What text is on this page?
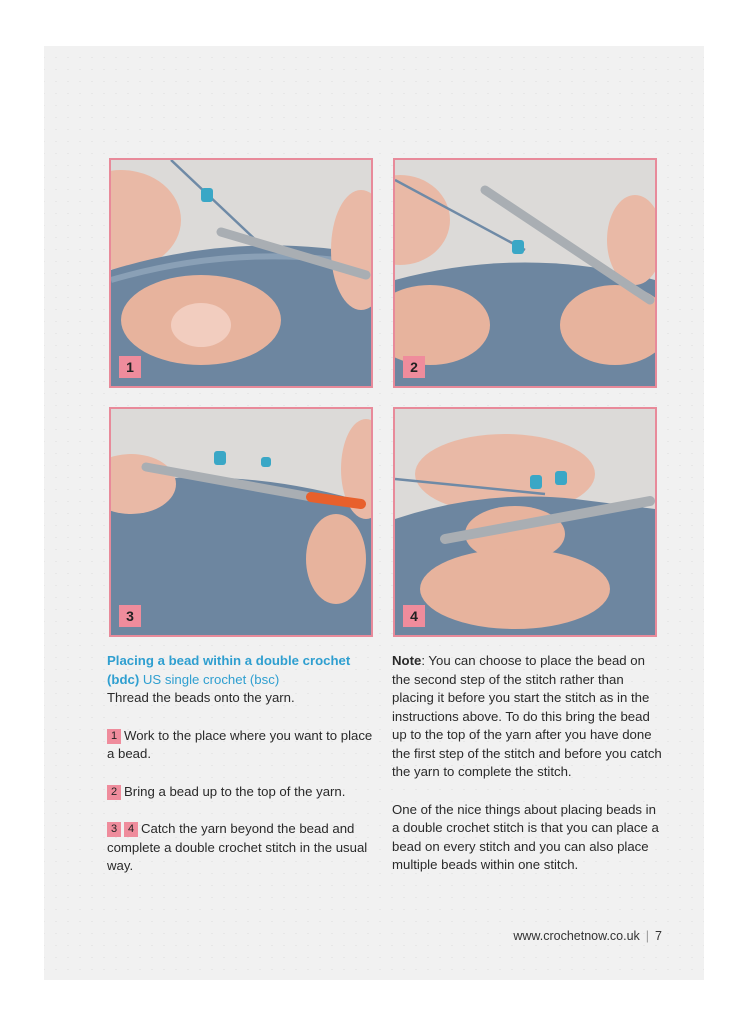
1	2
3	4
Placing a bead within a double crochet (bdc) US single crochet (bsc)
Thread the beads onto the yarn.
1 Work to the place where you want to place a bead.
2 Bring a bead up to the top of the yarn.
3 4 Catch the yarn beyond the bead and complete a double crochet stitch in the usual way.
Note: You can choose to place the bead on the second step of the stitch rather than placing it before you start the stitch as in the instructions above. To do this bring the bead up to the top of the yarn after you have done the first step of the stitch and before you catch the yarn to complete the stitch.
One of the nice things about placing beads in a double crochet stitch is that you can place a bead on every stitch and you can also place multiple beads within one stitch.
www.crochetnow.co.uk | 7
